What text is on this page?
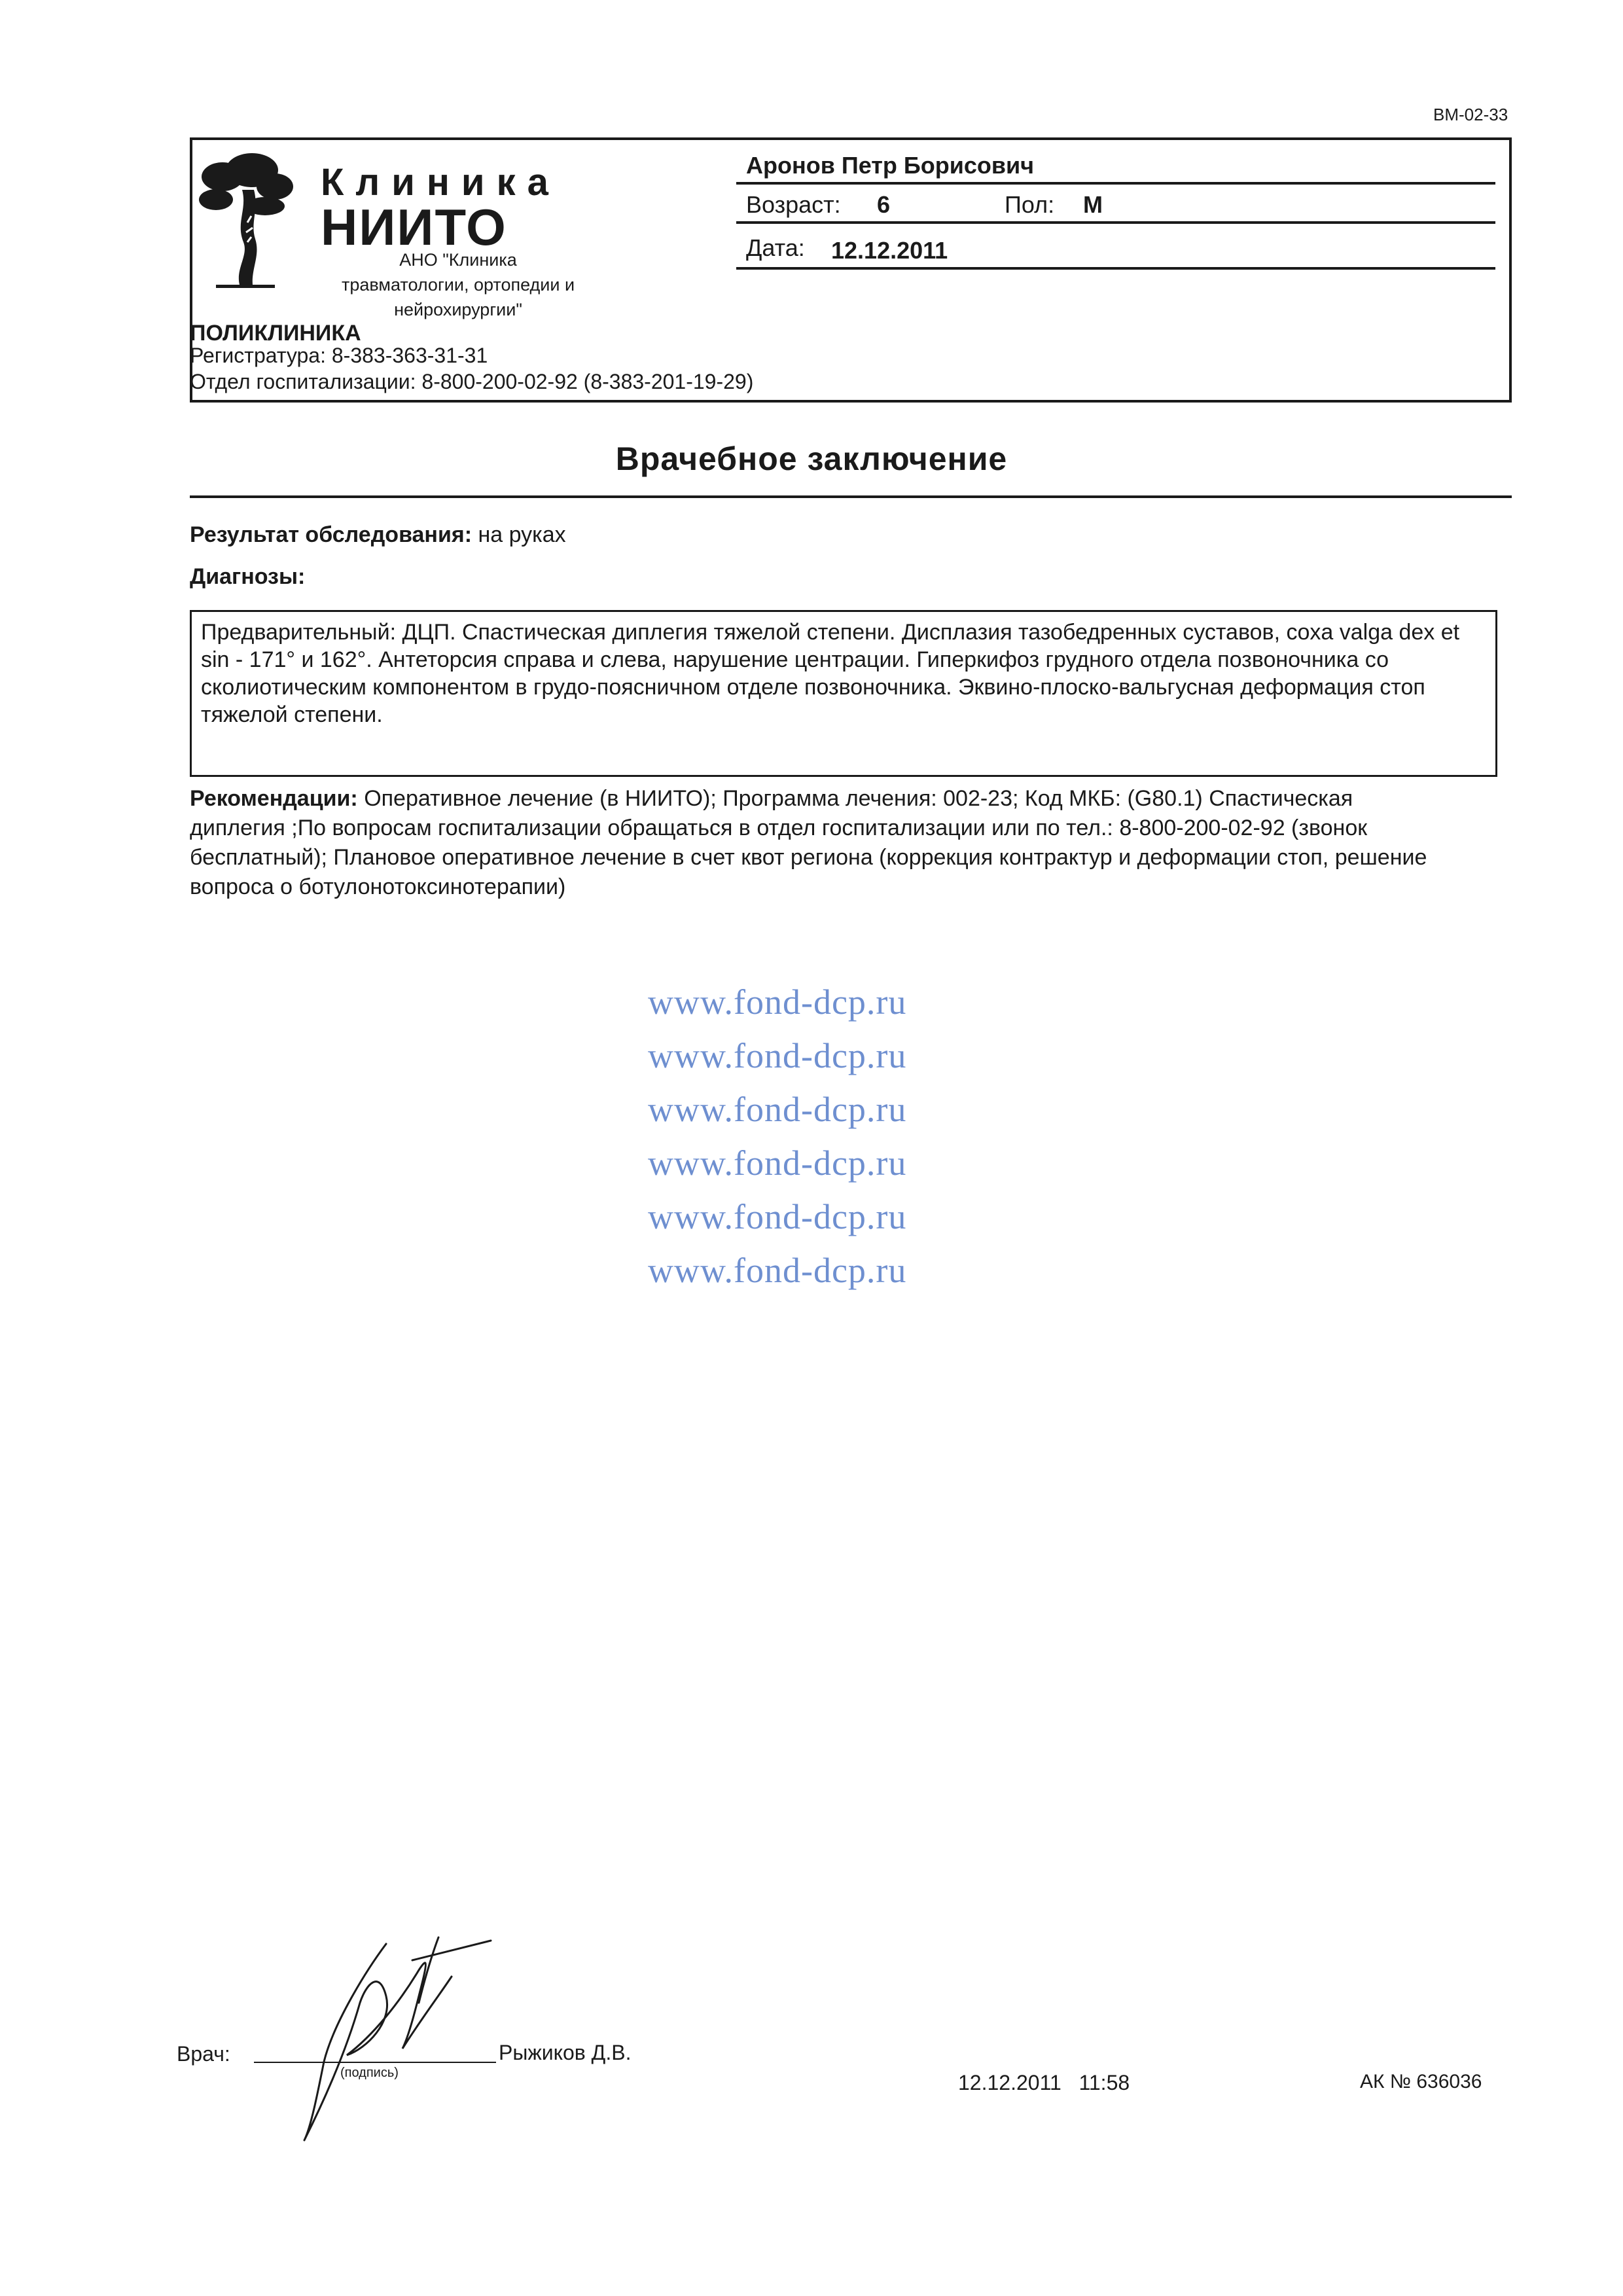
ВМ-02-33
Клиника
НИИТО
АНО "Клиника травматологии, ортопедии и нейрохирургии"
Аронов Петр Борисович
Возраст: 6	Пол: М
Дата: 12.12.2011
ПОЛИКЛИНИКА
Регистратура: 8-383-363-31-31
Отдел госпитализации: 8-800-200-02-92 (8-383-201-19-29)
Врачебное заключение
Результат обследования: на руках
Диагнозы:
Предварительный: ДЦП. Спастическая диплегия тяжелой степени. Дисплазия тазобедренных суставов, coxa valga dex et sin - 171° и 162°. Антеторсия справа и слева, нарушение центрации. Гиперкифоз грудного отдела позвоночника со сколиотическим компонентом в грудо-поясничном отделе позвоночника. Эквино-плоско-вальгусная деформация стоп тяжелой степени.
Рекомендации: Оперативное лечение (в НИИТО); Программа лечения: 002-23; Код МКБ: (G80.1) Спастическая диплегия ;По вопросам госпитализации обращаться в отдел госпитализации или по тел.: 8-800-200-02-92 (звонок бесплатный); Плановое оперативное лечение в счет квот региона (коррекция контрактур и деформации стоп, решение вопроса о ботулонотоксинотерапии)
www.fond-dcp.ru
www.fond-dcp.ru
www.fond-dcp.ru
www.fond-dcp.ru
www.fond-dcp.ru
www.fond-dcp.ru
Врач:
(подпись)
Рыжиков Д.В.
12.12.2011   11:58	АК № 636036
